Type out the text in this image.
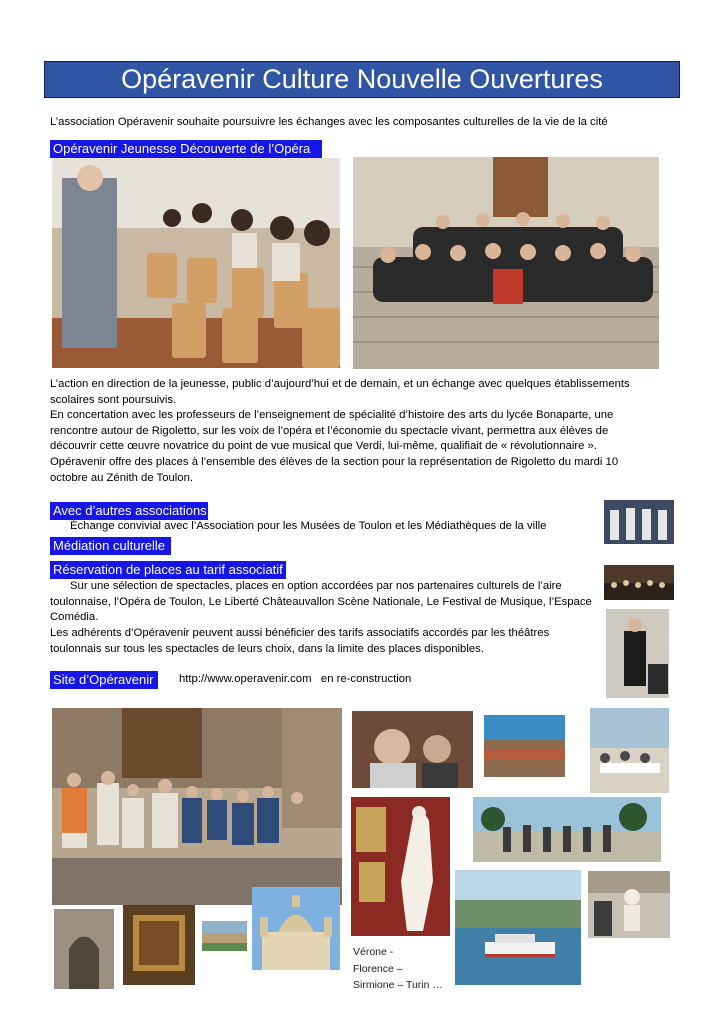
Opéravenir Culture Nouvelle Ouvertures
L’association Opéravenir souhaite poursuivre les échanges avec les composantes culturelles de la vie de la cité
Opéravenir Jeunesse Découverte de l’Opéra

L’action en direction de la jeunesse, public d’aujourd’hui et de demain, et un échange avec quelques établissements scolaires sont poursuivis.

En concertation avec les professeurs de l’enseignement de spécialité d’histoire des arts du lycée Bonaparte, une rencontre autour de Rigoletto, sur les voix de l’opéra et l’économie du spectacle vivant, permettra aux élèves de découvrir cette œuvre novatrice du point de vue musical que Verdi, lui-même, qualifiait de « révolutionnaire ».

Opéravenir offre des places à l’ensemble des élèves de la section pour la représentation de Rigoletto du mardi 10 octobre au Zénith de Toulon.

Avec d’autres associations
Échange convivial avec l’Association pour les Musées de Toulon et les Médiathèques de la ville
Médiation culturelle
Réservation de places au tarif associatif

Sur une sélection de spectacles, places en option accordées par nos partenaires culturels de l’aire toulonnaise, l’Opéra de Toulon, Le Liberté Châteauvallon Scène Nationale, Le Festival de Musique, l’Espace Comédia.

Les adhérents d’Opéravenir peuvent aussi bénéficier des tarifs associatifs accordés par les théâtres toulonnais sur tous les spectacles de leurs choix, dans la limite des places disponibles.

Site d’Opéravenir	http://www.operavenir.com en re-construction
Vérone -
Florence –
Sirmione – Turin …
